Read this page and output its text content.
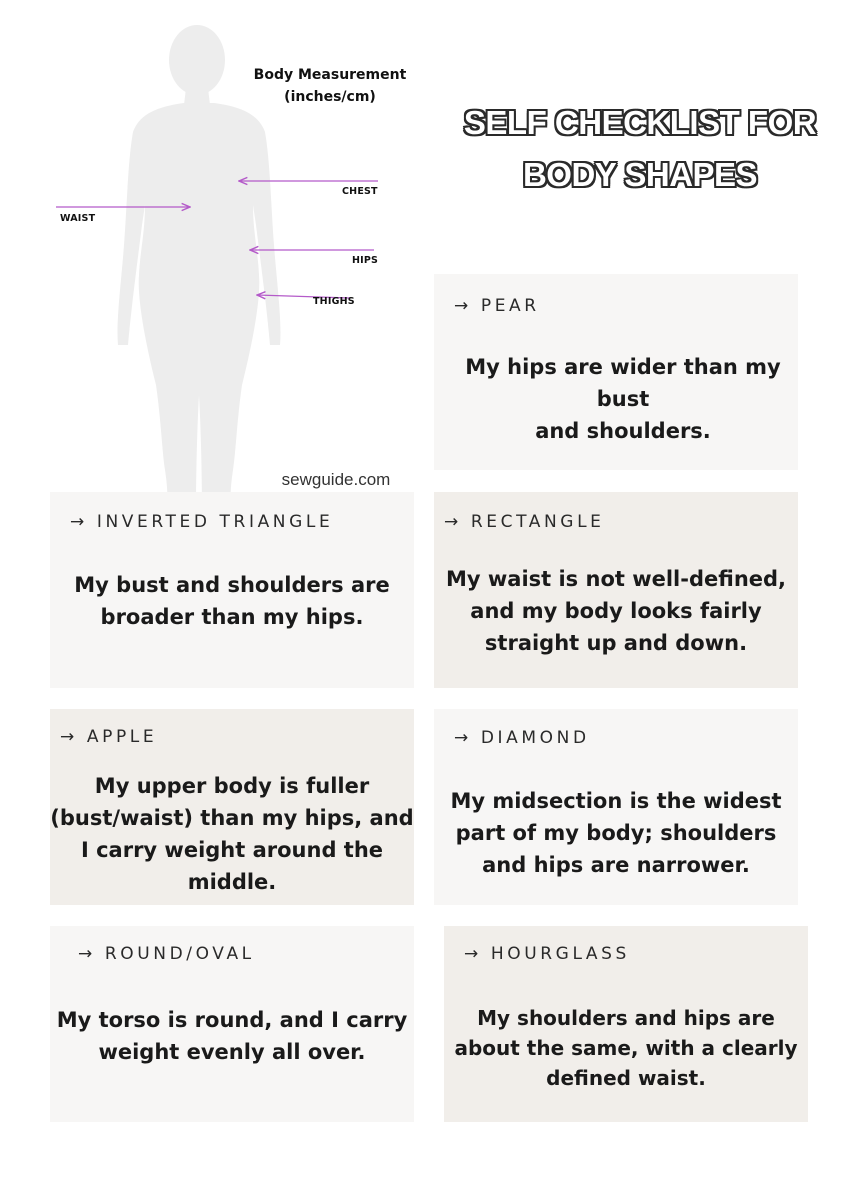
Body Measurement
(inches/cm)
CHEST
WAIST
HIPS
THIGHS
sewguide.com
SELF CHECKLIST FOR
BODY SHAPES
→ PEAR
My hips are wider than my bust
and shoulders.
→ INVERTED TRIANGLE
My bust and shoulders are
broader than my hips.
→ RECTANGLE
My waist is not well-defined,
and my body looks fairly
straight up and down.
→ APPLE
My upper body is fuller
(bust/waist) than my hips, and
I carry weight around the
middle.
→ DIAMOND
My midsection is the widest
part of my body; shoulders
and hips are narrower.
→ ROUND/OVAL
My torso is round, and I carry
weight evenly all over.
→ HOURGLASS
My shoulders and hips are
about the same, with a clearly
defined waist.
